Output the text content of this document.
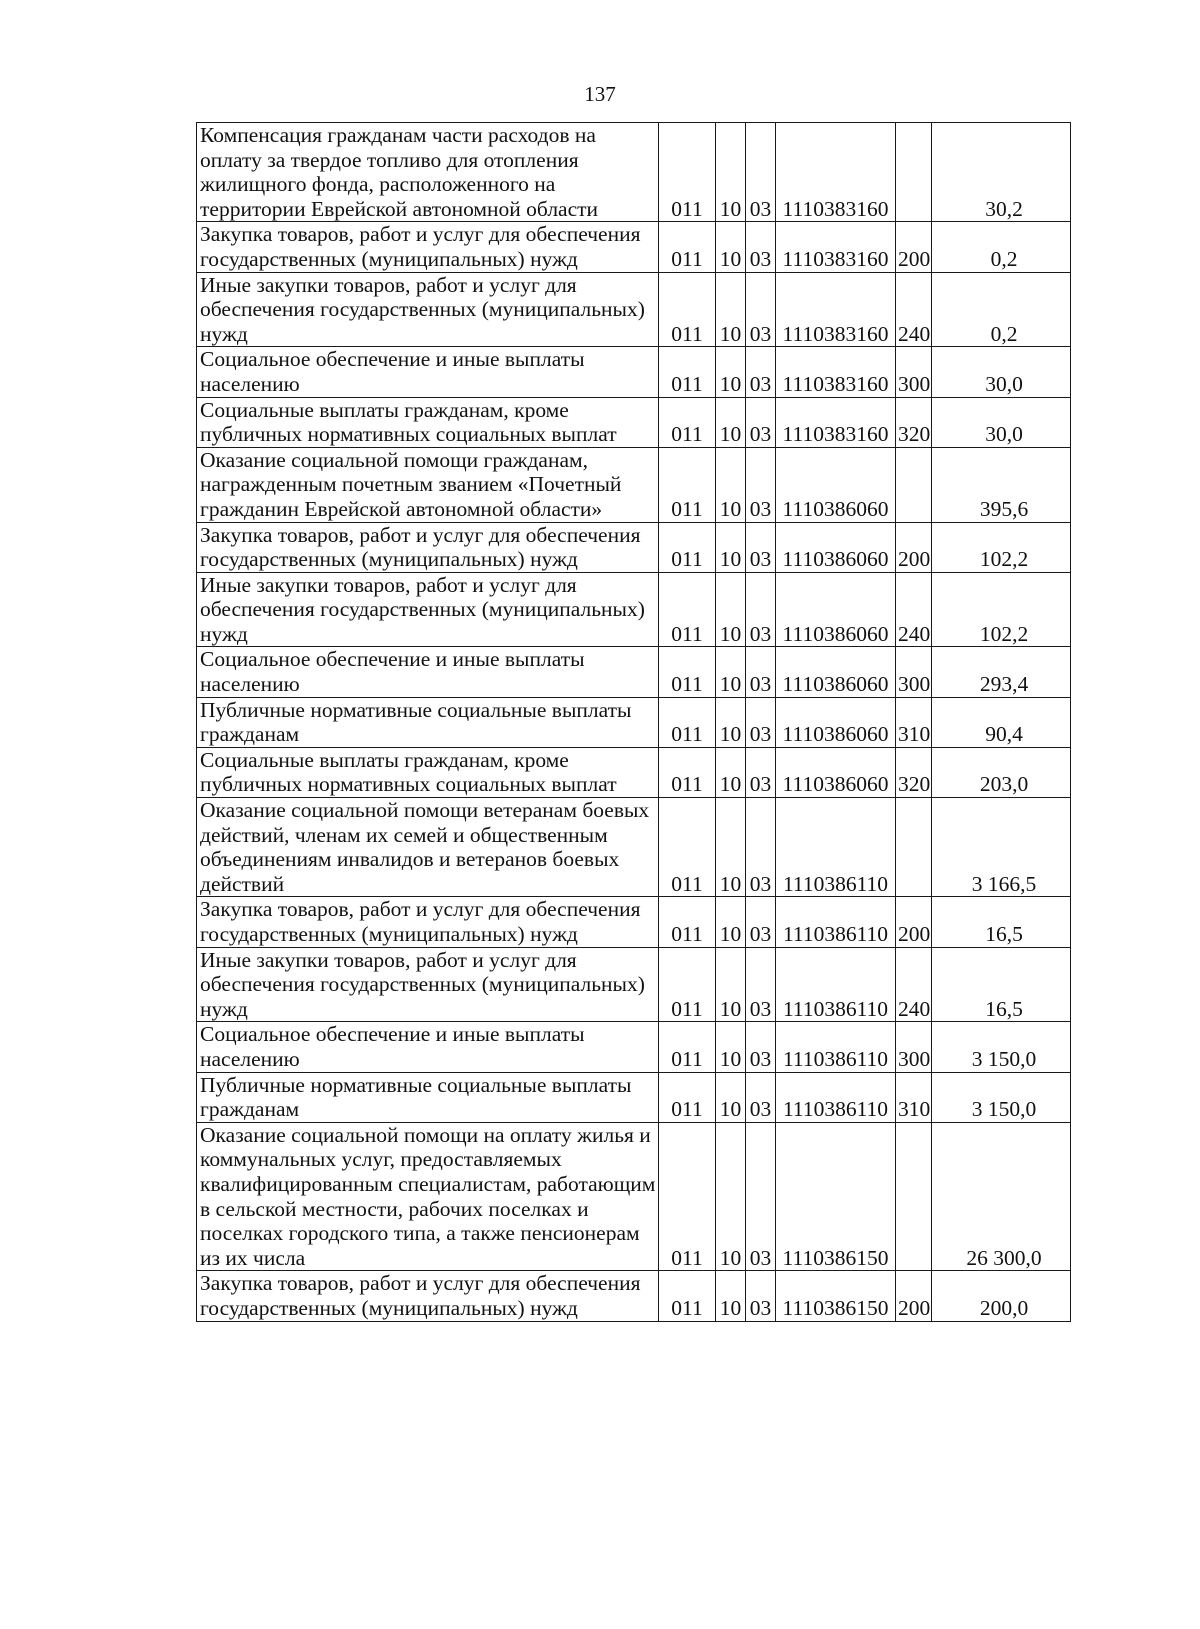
137
Компенсация гражданам части расходов на оплату за твердое топливо для отопления жилищного фонда, расположенного на территории Еврейской автономной области	011	10	03	1110383160		30,2
Закупка товаров, работ и услуг для обеспечения государственных (муниципальных) нужд	011	10	03	1110383160	200	0,2
Иные закупки товаров, работ и услуг для обеспечения государственных (муниципальных) нужд	011	10	03	1110383160	240	0,2
Социальное обеспечение и иные выплаты населению	011	10	03	1110383160	300	30,0
Социальные выплаты гражданам, кроме публичных нормативных социальных выплат	011	10	03	1110383160	320	30,0
Оказание социальной помощи гражданам, награжденным почетным званием «Почетный гражданин Еврейской автономной области»	011	10	03	1110386060		395,6
Закупка товаров, работ и услуг для обеспечения государственных (муниципальных) нужд	011	10	03	1110386060	200	102,2
Иные закупки товаров, работ и услуг для обеспечения государственных (муниципальных) нужд	011	10	03	1110386060	240	102,2
Социальное обеспечение и иные выплаты населению	011	10	03	1110386060	300	293,4
Публичные нормативные социальные выплаты гражданам	011	10	03	1110386060	310	90,4
Социальные выплаты гражданам, кроме публичных нормативных социальных выплат	011	10	03	1110386060	320	203,0
Оказание социальной помощи ветеранам боевых действий, членам их семей и общественным объединениям инвалидов и ветеранов боевых действий	011	10	03	1110386110		3 166,5
Закупка товаров, работ и услуг для обеспечения государственных (муниципальных) нужд	011	10	03	1110386110	200	16,5
Иные закупки товаров, работ и услуг для обеспечения государственных (муниципальных) нужд	011	10	03	1110386110	240	16,5
Социальное обеспечение и иные выплаты населению	011	10	03	1110386110	300	3 150,0
Публичные нормативные социальные выплаты гражданам	011	10	03	1110386110	310	3 150,0
Оказание социальной помощи на оплату жилья и коммунальных услуг, предоставляемых квалифицированным специалистам, работающим в сельской местности, рабочих поселках и поселках городского типа, а также пенсионерам из их числа	011	10	03	1110386150		26 300,0
Закупка товаров, работ и услуг для обеспечения государственных (муниципальных) нужд	011	10	03	1110386150	200	200,0
